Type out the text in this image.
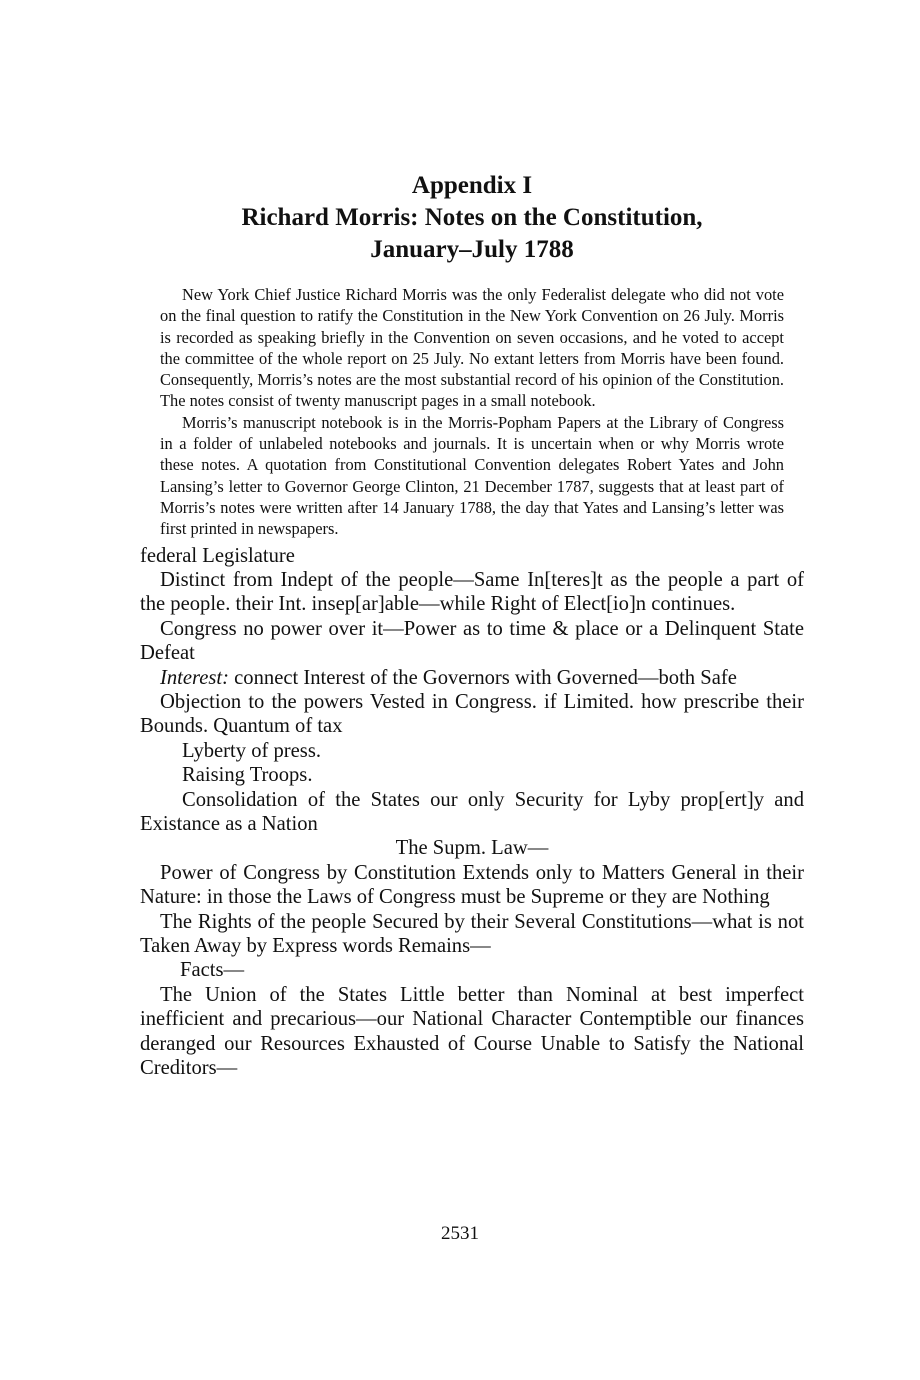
Appendix I
Richard Morris: Notes on the Constitution,
January–July 1788

New York Chief Justice Richard Morris was the only Federalist delegate who did not vote on the final question to ratify the Constitution in the New York Convention on 26 July. Morris is recorded as speaking briefly in the Convention on seven occasions, and he voted to accept the committee of the whole report on 25 July. No extant letters from Morris have been found. Consequently, Morris’s notes are the most substantial record of his opinion of the Constitution. The notes consist of twenty manuscript pages in a small notebook.

Morris’s manuscript notebook is in the Morris-Popham Papers at the Library of Congress in a folder of unlabeled notebooks and journals. It is uncertain when or why Morris wrote these notes. A quotation from Constitutional Convention delegates Robert Yates and John Lansing’s letter to Governor George Clinton, 21 December 1787, suggests that at least part of Morris’s notes were written after 14 January 1788, the day that Yates and Lansing’s letter was first printed in newspapers.

federal Legislature

Distinct from Indept of the people—Same In[teres]t as the people a part of the people. their Int. insep[ar]able—while Right of Elect[io]n continues.

Congress no power over it—Power as to time & place or a Delinquent State Defeat

Interest: connect Interest of the Governors with Governed—both Safe

Objection to the powers Vested in Congress. if Limited. how prescribe their Bounds. Quantum of tax

Lyberty of press.

Raising Troops.

Consolidation of the States our only Security for Lyby prop[ert]y and Existance as a Nation

The Supm. Law—

Power of Congress by Constitution Extends only to Matters General in their Nature: in those the Laws of Congress must be Supreme or they are Nothing

The Rights of the people Secured by their Several Constitutions—what is not Taken Away by Express words Remains—

Facts—

The Union of the States Little better than Nominal at best imperfect inefficient and precarious—our National Character Contemptible our finances deranged our Resources Exhausted of Course Unable to Satisfy the National Creditors—

2531
